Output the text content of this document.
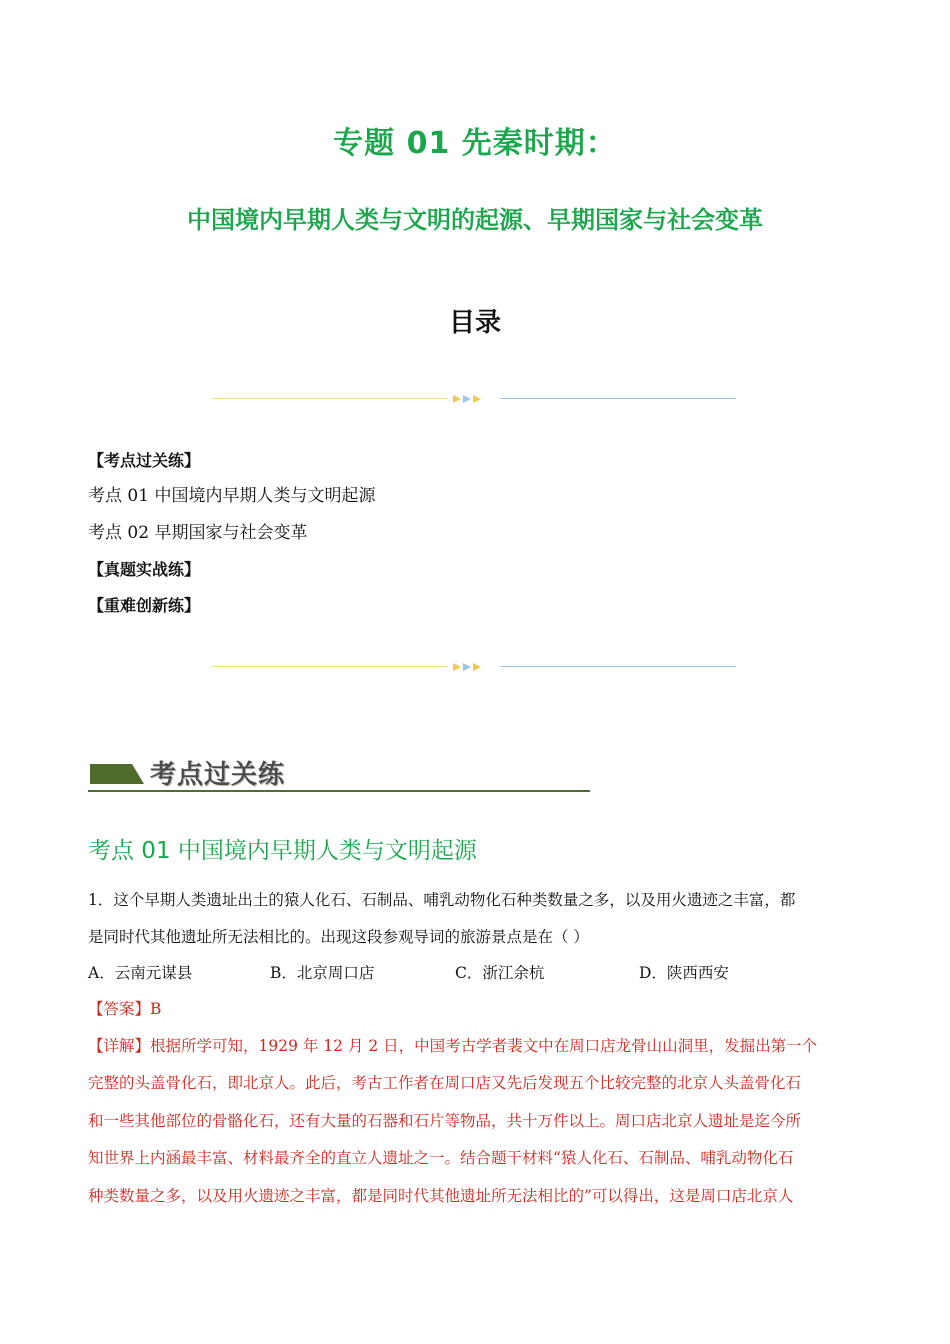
专题 01 先秦时期：
中国境内早期人类与文明的起源、早期国家与社会变革
目录
【考点过关练】
考点 01 中国境内早期人类与文明起源
考点 02 早期国家与社会变革
【真题实战练】
【重难创新练】
考点过关练
考点 01 中国境内早期人类与文明起源
1．这个早期人类遗址出土的猿人化石、石制品、哺乳动物化石种类数量之多，以及用火遗迹之丰富，都
是同时代其他遗址所无法相比的。出现这段参观导词的旅游景点是在（ ）
A．云南元谋县	B．北京周口店	C．浙江余杭	D．陕西西安
【答案】B
【详解】根据所学可知，1929 年 12 月 2 日，中国考古学者裴文中在周口店龙骨山山洞里，发掘出第一个
完整的头盖骨化石，即北京人。此后，考古工作者在周口店又先后发现五个比较完整的北京人头盖骨化石
和一些其他部位的骨骼化石，还有大量的石器和石片等物品，共十万件以上。周口店北京人遗址是迄今所
知世界上内涵最丰富、材料最齐全的直立人遗址之一。结合题干材料“猿人化石、石制品、哺乳动物化石
种类数量之多，以及用火遗迹之丰富，都是同时代其他遗址所无法相比的”可以得出，这是周口店北京人
